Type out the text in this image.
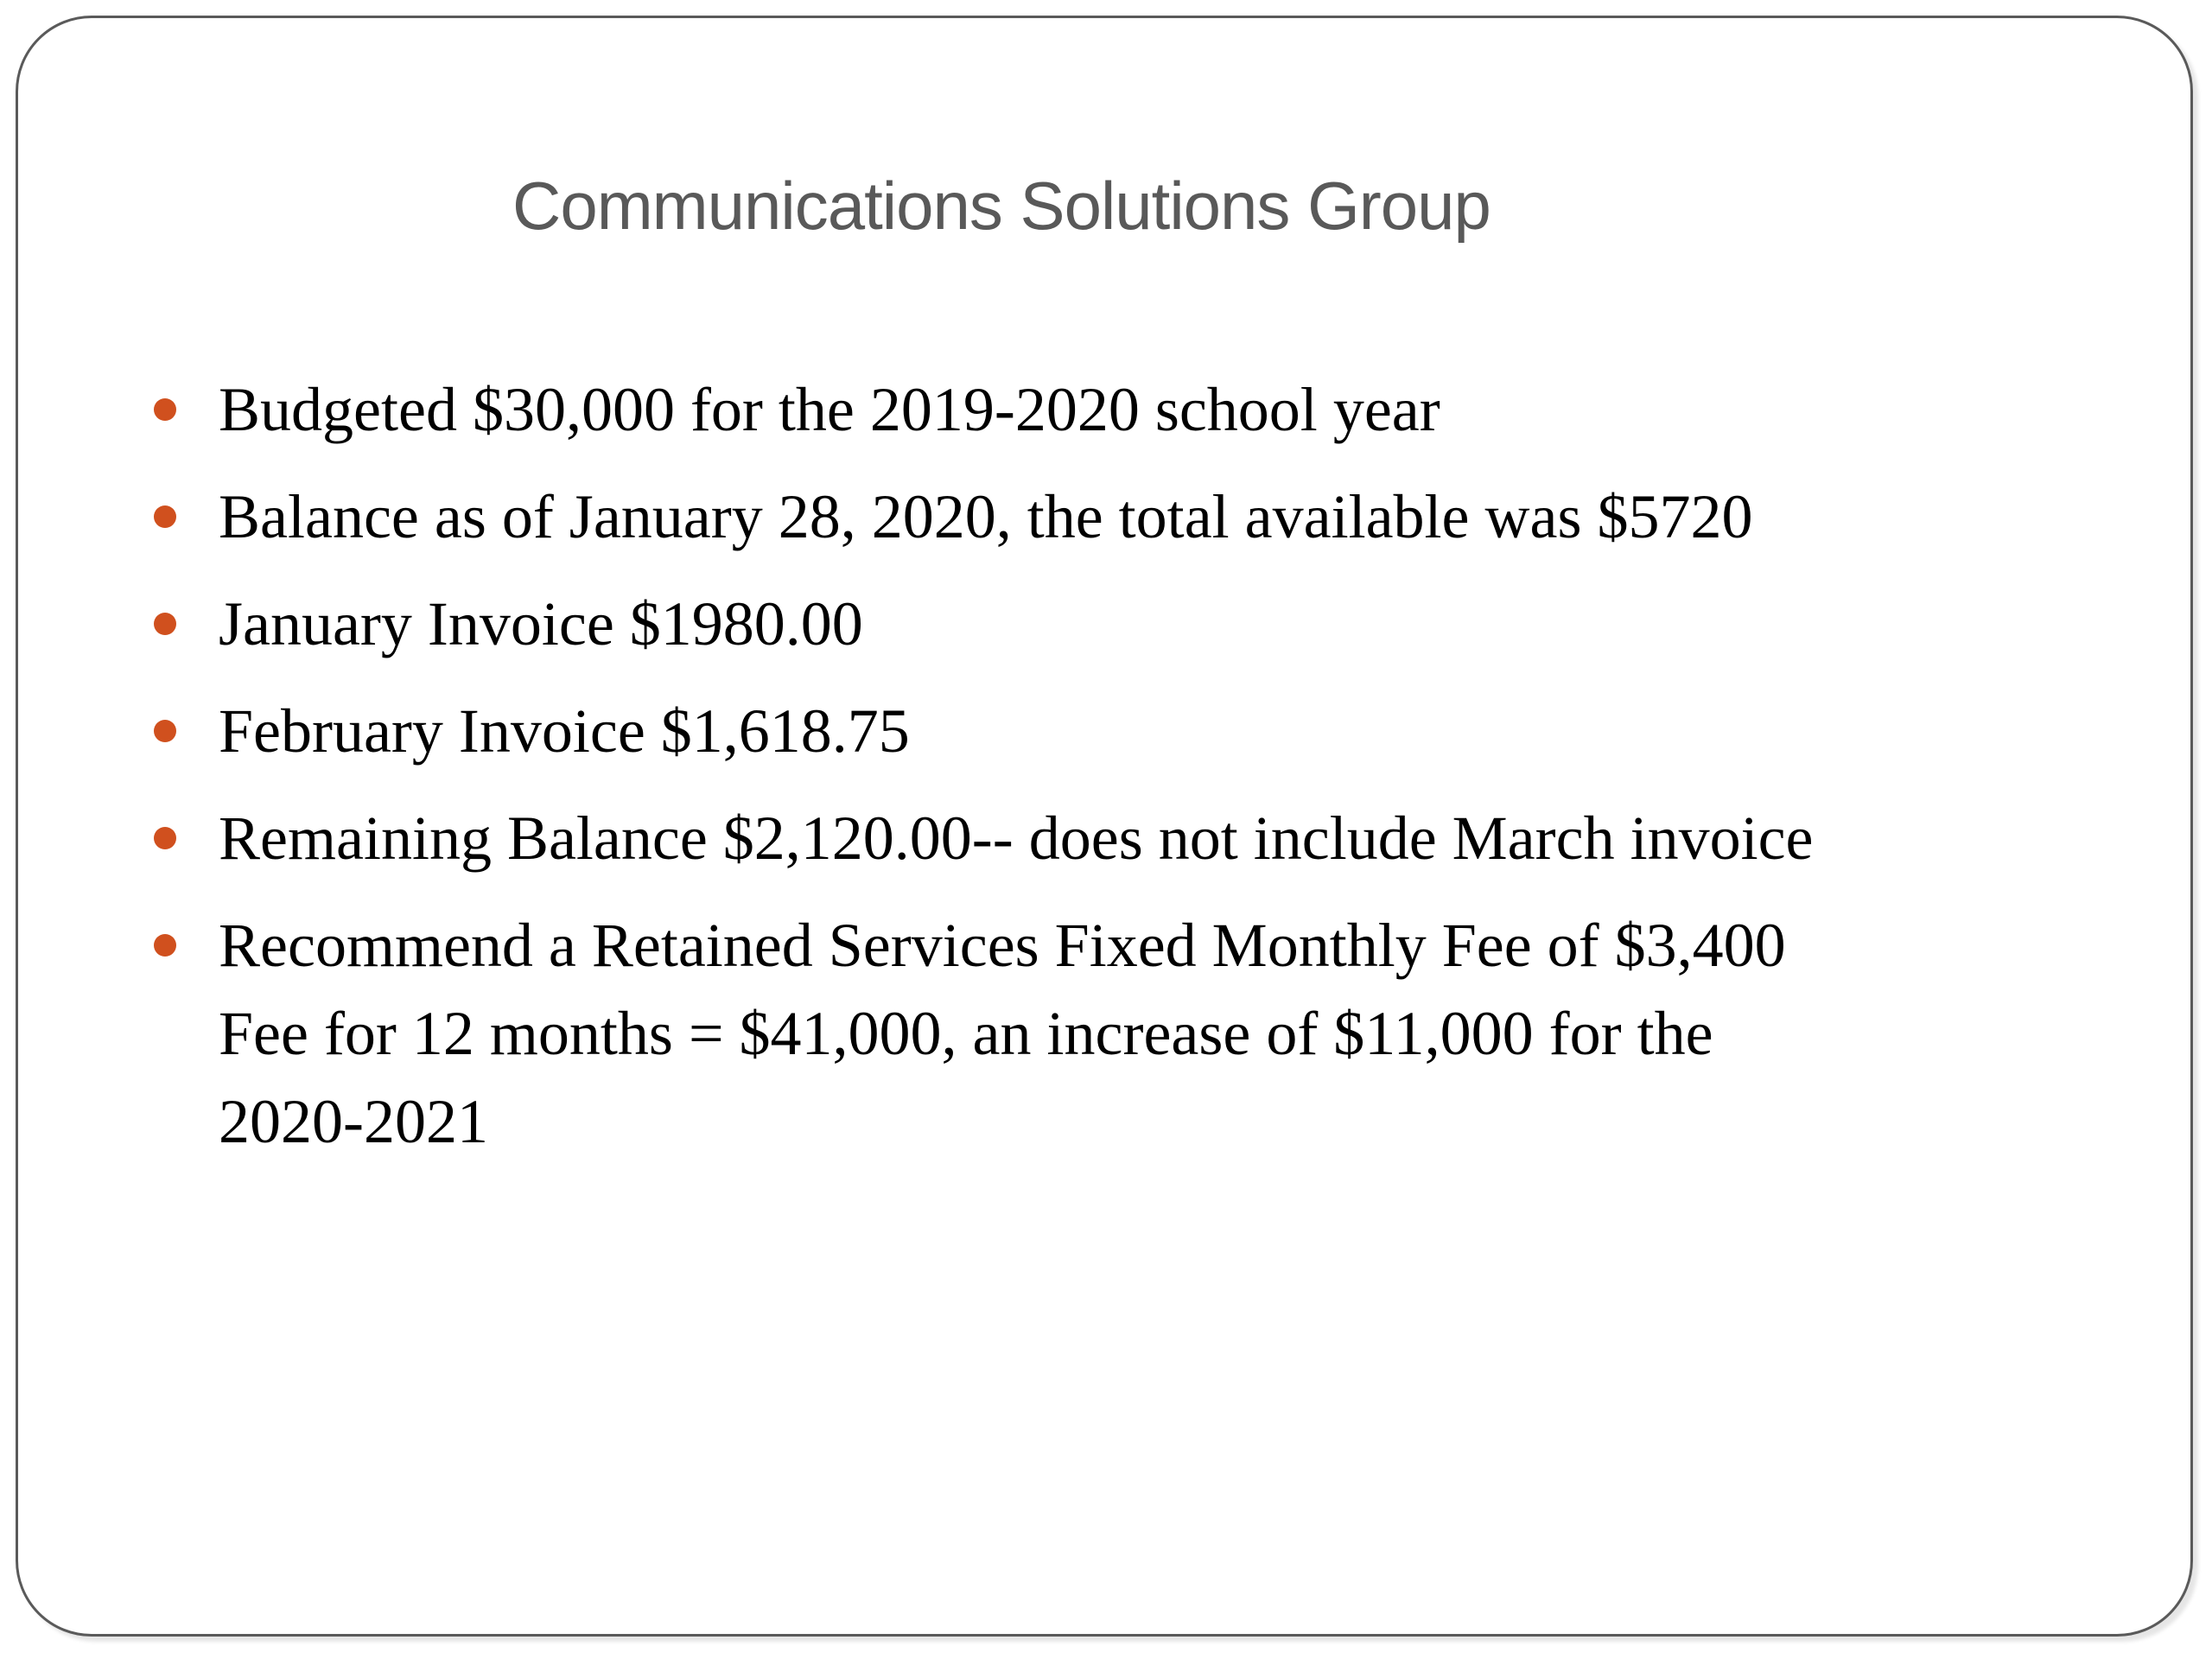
Communications Solutions Group
Budgeted $30,000 for the 2019-2020 school year
Balance as of January 28, 2020, the total available was $5720
January Invoice $1980.00
February Invoice $1,618.75
Remaining Balance $2,120.00-- does not include March invoice
Recommend a Retained Services Fixed Monthly Fee of $3,400
Fee for 12 months = $41,000, an increase of $11,000 for the
2020-2021
